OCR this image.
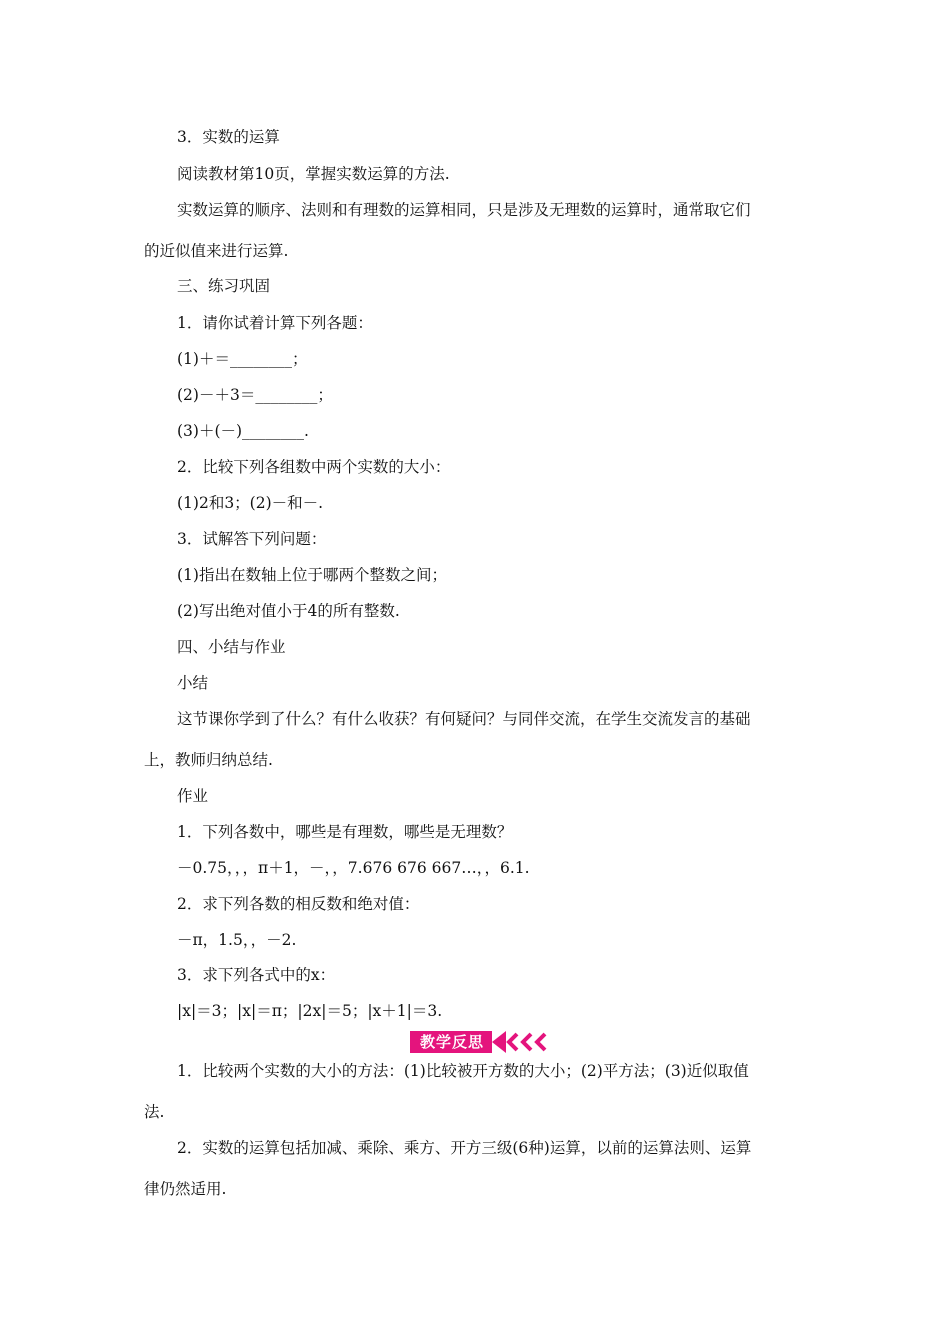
3．实数的运算
阅读教材第10页，掌握实数运算的方法.
实数运算的顺序、法则和有理数的运算相同，只是涉及无理数的运算时，通常取它们
的近似值来进行运算.
三、练习巩固
1．请你试着计算下列各题：
(1)＋＝________；
(2)－＋3＝________；
(3)＋(－)________.
2．比较下列各组数中两个实数的大小：
(1)2和3；(2)－和－.
3．试解答下列问题：
(1)指出在数轴上位于哪两个整数之间；
(2)写出绝对值小于4的所有整数.
四、小结与作业
小结
这节课你学到了什么？有什么收获？有何疑问？与同伴交流，在学生交流发言的基础
上，教师归纳总结.
作业
1．下列各数中，哪些是有理数，哪些是无理数？
－0.75，，，π＋1，－，，7.676 676 667…，，6.1.
2．求下列各数的相反数和绝对值：
－π，1.5，，－2.
3．求下列各式中的x：
|x|＝3；|x|＝π；|2x|＝5；|x＋1|＝3.
教学反思
1．比较两个实数的大小的方法：(1)比较被开方数的大小；(2)平方法；(3)近似取值
法.
2．实数的运算包括加减、乘除、乘方、开方三级(6种)运算，以前的运算法则、运算
律仍然适用.
